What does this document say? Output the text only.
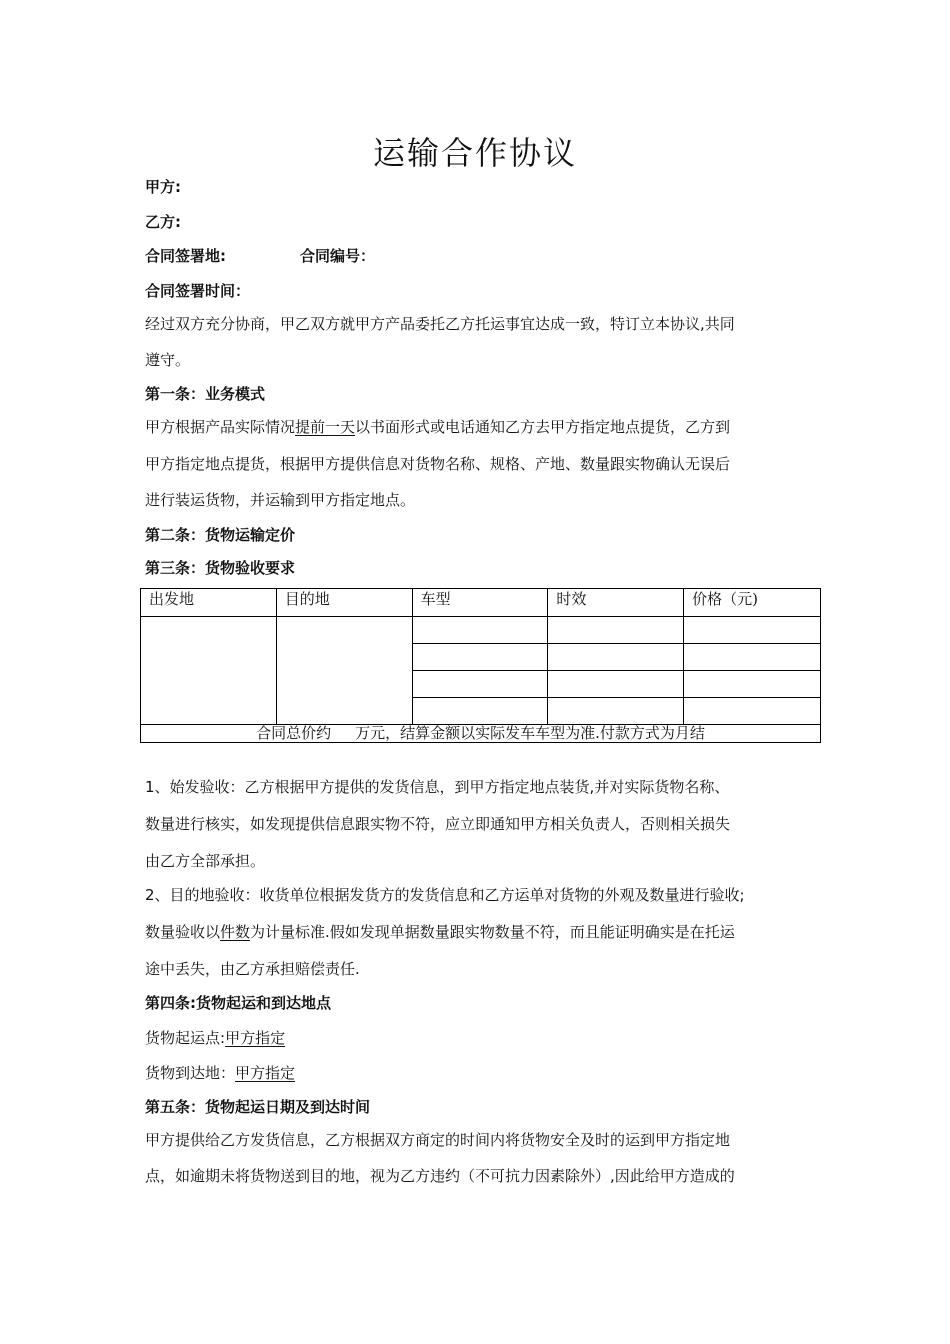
运输合作协议
甲方:
乙方:
合同签署地:	合同编号：
合同签署时间：
经过双方充分协商，甲乙双方就甲方产品委托乙方托运事宜达成一致，特订立本协议,共同
遵守。
第一条：业务模式
甲方根据产品实际情况提前一天以书面形式或电话通知乙方去甲方指定地点提货，乙方到
甲方指定地点提货，根据甲方提供信息对货物名称、规格、产地、数量跟实物确认无误后
进行装运货物，并运输到甲方指定地点。
第二条：货物运输定价
第三条：货物验收要求
出发地	目的地	车型	时效	价格（元)

合同总价约 万元，结算金额以实际发车车型为准.付款方式为月结				
1、始发验收：乙方根据甲方提供的发货信息，到甲方指定地点装货,并对实际货物名称、
数量进行核实，如发现提供信息跟实物不符，应立即通知甲方相关负责人，否则相关损失
由乙方全部承担。
2、目的地验收：收货单位根据发货方的发货信息和乙方运单对货物的外观及数量进行验收;
数量验收以件数为计量标准.假如发现单据数量跟实物数量不符，而且能证明确实是在托运
途中丢失，由乙方承担赔偿责任.
第四条:货物起运和到达地点
货物起运点:甲方指定
货物到达地：甲方指定
第五条：货物起运日期及到达时间
甲方提供给乙方发货信息，乙方根据双方商定的时间内将货物安全及时的运到甲方指定地
点，如逾期未将货物送到目的地，视为乙方违约（不可抗力因素除外）,因此给甲方造成的
